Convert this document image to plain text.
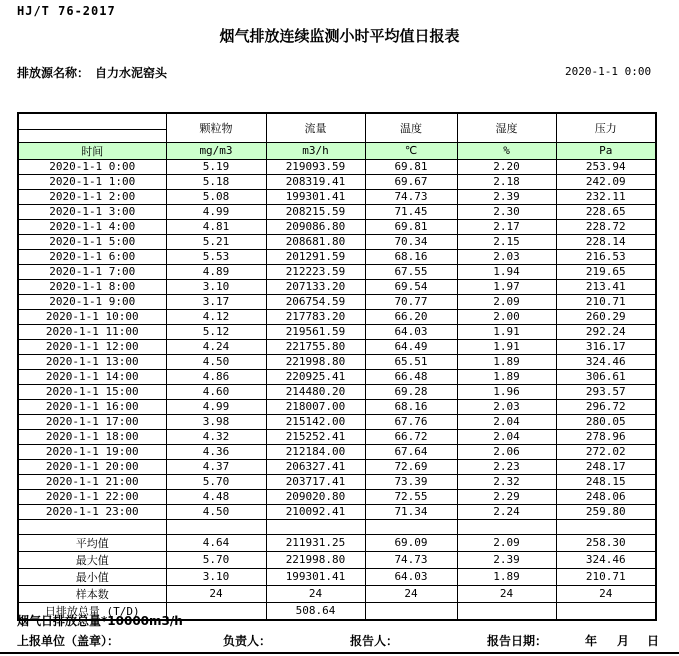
HJ/T 76-2017
烟气排放连续监测小时平均值日报表
排放源名称： 自力水泥窑头	2020-1-1 0:00
	颗粒物	流量	温度	湿度	压力

时间	mg/m3	m3/h	℃	%	Pa
2020-1-1 0:00	5.19	219093.59	69.81	2.20	253.94
2020-1-1 1:00	5.18	208319.41	69.67	2.18	242.09
2020-1-1 2:00	5.08	199301.41	74.73	2.39	232.11
2020-1-1 3:00	4.99	208215.59	71.45	2.30	228.65
2020-1-1 4:00	4.81	209086.80	69.81	2.17	228.72
2020-1-1 5:00	5.21	208681.80	70.34	2.15	228.14
2020-1-1 6:00	5.53	201291.59	68.16	2.03	216.53
2020-1-1 7:00	4.89	212223.59	67.55	1.94	219.65
2020-1-1 8:00	3.10	207133.20	69.54	1.97	213.41
2020-1-1 9:00	3.17	206754.59	70.77	2.09	210.71
2020-1-1 10:00	4.12	217783.20	66.20	2.00	260.29
2020-1-1 11:00	5.12	219561.59	64.03	1.91	292.24
2020-1-1 12:00	4.24	221755.80	64.49	1.91	316.17
2020-1-1 13:00	4.50	221998.80	65.51	1.89	324.46
2020-1-1 14:00	4.86	220925.41	66.48	1.89	306.61
2020-1-1 15:00	4.60	214480.20	69.28	1.96	293.57
2020-1-1 16:00	4.99	218007.00	68.16	2.03	296.72
2020-1-1 17:00	3.98	215142.00	67.76	2.04	280.05
2020-1-1 18:00	4.32	215252.41	66.72	2.04	278.96
2020-1-1 19:00	4.36	212184.00	67.64	2.06	272.02
2020-1-1 20:00	4.37	206327.41	72.69	2.23	248.17
2020-1-1 21:00	5.70	203717.41	73.39	2.32	248.15
2020-1-1 22:00	4.48	209020.80	72.55	2.29	248.06
2020-1-1 23:00	4.50	210092.41	71.34	2.24	259.80

平均值	4.64	211931.25	69.09	2.09	258.30
最大值	5.70	221998.80	74.73	2.39	324.46
最小值	3.10	199301.41	64.03	1.89	210.71
样本数	24	24	24	24	24
日排放总量 (T/D)		508.64			
烟气日排放总量*10000m3/h
上报单位（盖章）：	负责人：	报告人：	报告日期：	年 月 日
